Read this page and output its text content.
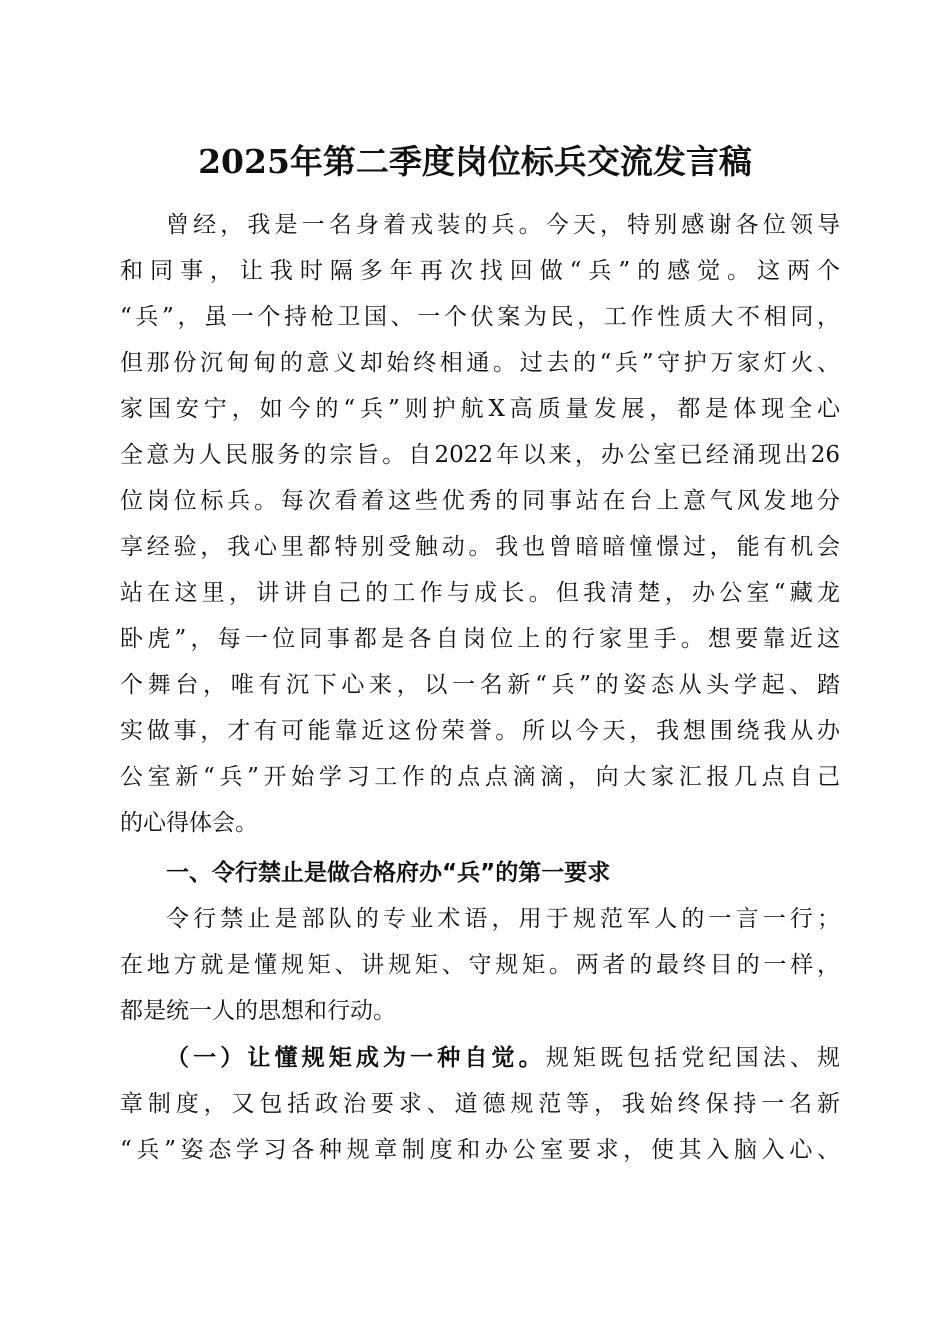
2025年第二季度岗位标兵交流发言稿
曾经，我是一名身着戎装的兵。今天，特别感谢各位领导
和同事，让我时隔多年再次找回做“兵”的感觉。这两个
“兵”，虽一个持枪卫国、一个伏案为民，工作性质大不相同，
但那份沉甸甸的意义却始终相通。过去的“兵”守护万家灯火、
家国安宁，如今的“兵”则护航X高质量发展，都是体现全心
全意为人民服务的宗旨。自2022年以来，办公室已经涌现出26
位岗位标兵。每次看着这些优秀的同事站在台上意气风发地分
享经验，我心里都特别受触动。我也曾暗暗憧憬过，能有机会
站在这里，讲讲自己的工作与成长。但我清楚，办公室“藏龙
卧虎”，每一位同事都是各自岗位上的行家里手。想要靠近这
个舞台，唯有沉下心来，以一名新“兵”的姿态从头学起、踏
实做事，才有可能靠近这份荣誉。所以今天，我想围绕我从办
公室新“兵”开始学习工作的点点滴滴，向大家汇报几点自己
的心得体会。
一、令行禁止是做合格府办“兵”的第一要求
令行禁止是部队的专业术语，用于规范军人的一言一行；
在地方就是懂规矩、讲规矩、守规矩。两者的最终目的一样，
都是统一人的思想和行动。
（一）让懂规矩成为一种自觉。规矩既包括党纪国法、规
章制度，又包括政治要求、道德规范等，我始终保持一名新
“兵”姿态学习各种规章制度和办公室要求，使其入脑入心、
